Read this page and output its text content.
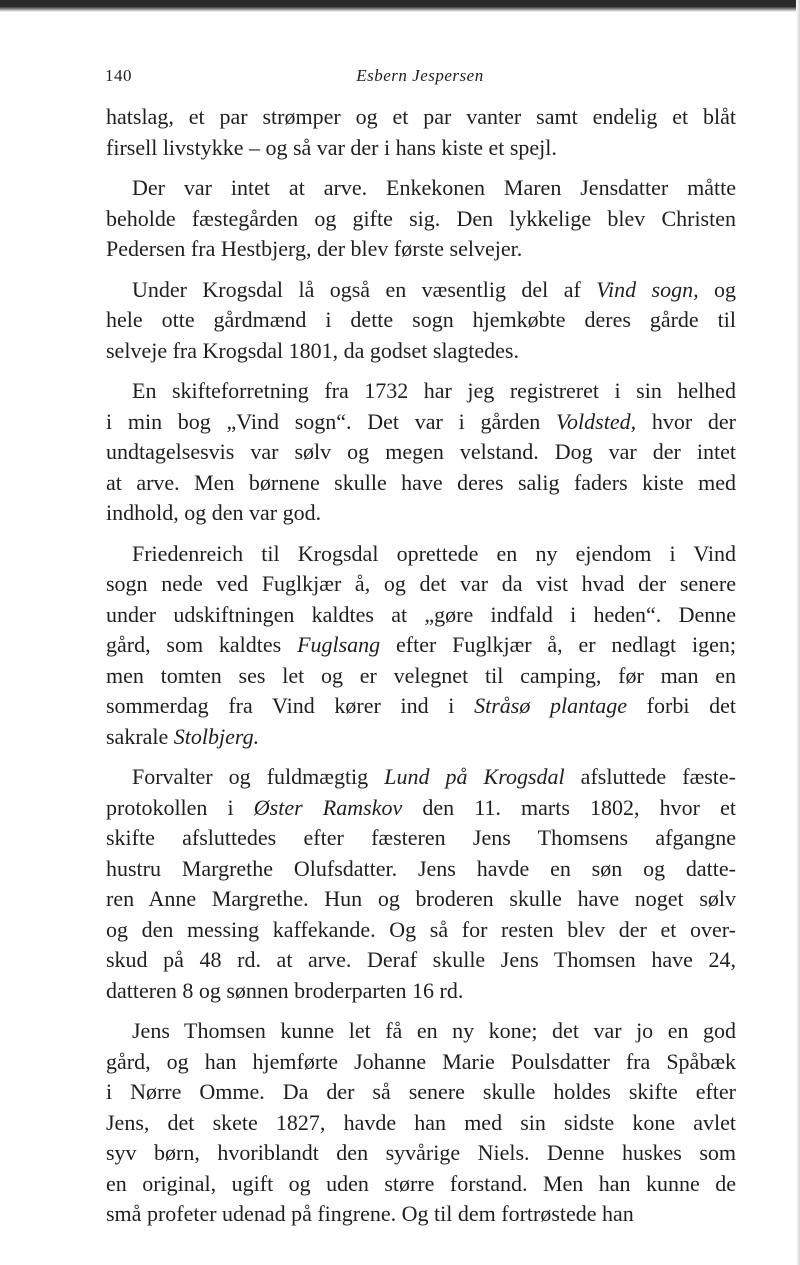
140	Esbern Jespersen

hatslag, et par strømper og et par vanter samt endelig et blåt
firsell livstykke – og så var der i hans kiste et spejl.

Der var intet at arve. Enkekonen Maren Jensdatter måtte
beholde fæstegården og gifte sig. Den lykkelige blev Christen
Pedersen fra Hestbjerg, der blev første selvejer.

Under Krogsdal lå også en væsentlig del af Vind sogn, og
hele otte gårdmænd i dette sogn hjemkøbte deres gårde til
selveje fra Krogsdal 1801, da godset slagtedes.

En skifteforretning fra 1732 har jeg registreret i sin helhed
i min bog „Vind sogn“. Det var i gården Voldsted, hvor der
undtagelsesvis var sølv og megen velstand. Dog var der intet
at arve. Men børnene skulle have deres salig faders kiste med
indhold, og den var god.

Friedenreich til Krogsdal oprettede en ny ejendom i Vind
sogn nede ved Fuglkjær å, og det var da vist hvad der senere
under udskiftningen kaldtes at „gøre indfald i heden“. Denne
gård, som kaldtes Fuglsang efter Fuglkjær å, er nedlagt igen;
men tomten ses let og er velegnet til camping, før man en
sommerdag fra Vind kører ind i Stråsø plantage forbi det
sakrale Stolbjerg.

Forvalter og fuldmægtig Lund på Krogsdal afsluttede fæste-
protokollen i Øster Ramskov den 11. marts 1802, hvor et
skifte afsluttedes efter fæsteren Jens Thomsens afgangne
hustru Margrethe Olufsdatter. Jens havde en søn og datte-
ren Anne Margrethe. Hun og broderen skulle have noget sølv
og den messing kaffekande. Og så for resten blev der et over-
skud på 48 rd. at arve. Deraf skulle Jens Thomsen have 24,
datteren 8 og sønnen broderparten 16 rd.

Jens Thomsen kunne let få en ny kone; det var jo en god
gård, og han hjemførte Johanne Marie Poulsdatter fra Spåbæk
i Nørre Omme. Da der så senere skulle holdes skifte efter
Jens, det skete 1827, havde han med sin sidste kone avlet
syv børn, hvoriblandt den syvårige Niels. Denne huskes som
en original, ugift og uden større forstand. Men han kunne de
små profeter udenad på fingrene. Og til dem fortrøstede han
